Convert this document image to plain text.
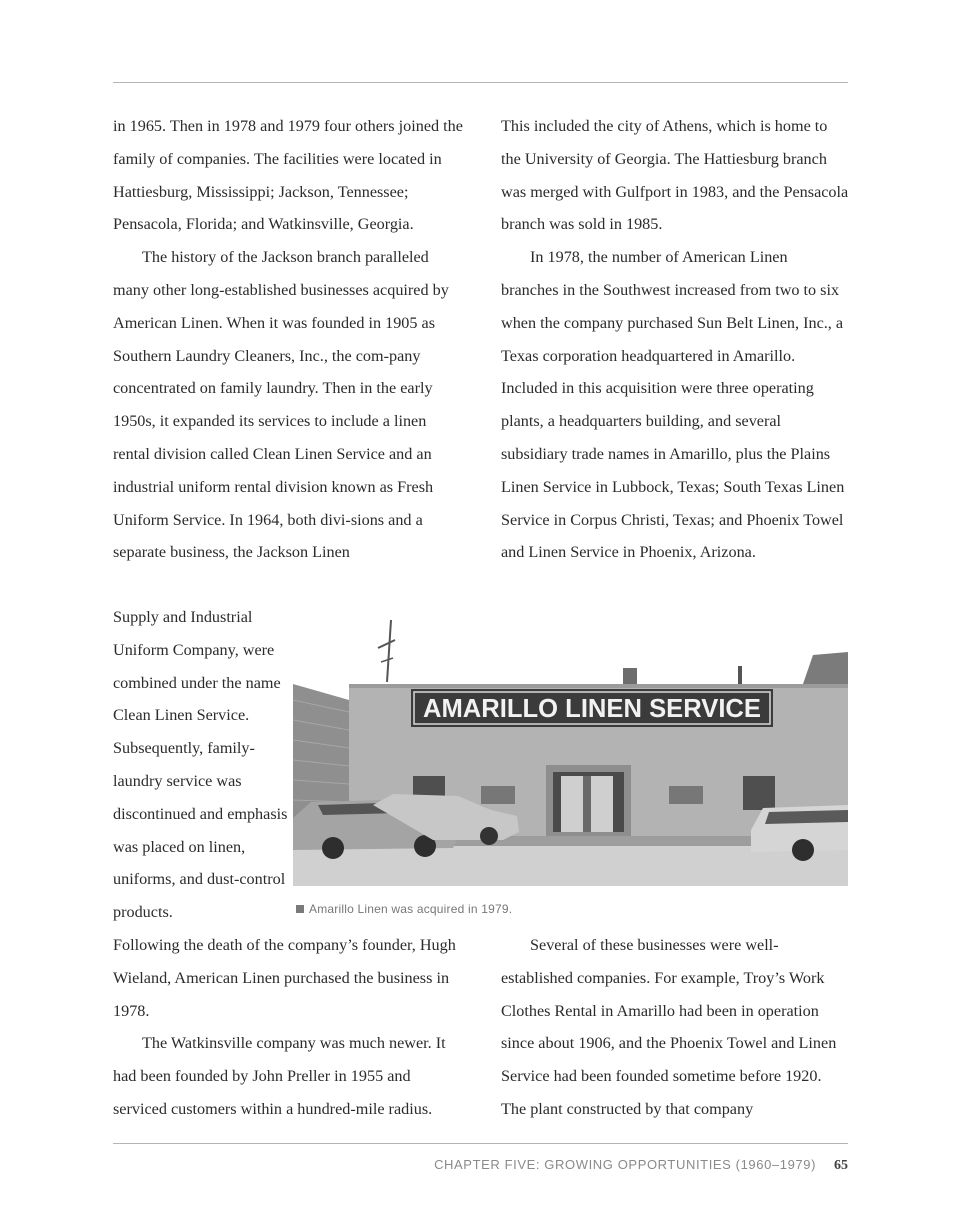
in 1965. Then in 1978 and 1979 four others joined the family of companies. The facilities were located in Hattiesburg, Mississippi; Jackson, Tennessee; Pensacola, Florida; and Watkinsville, Georgia.

The history of the Jackson branch paralleled many other long-established businesses acquired by American Linen. When it was founded in 1905 as Southern Laundry Cleaners, Inc., the com-pany concentrated on family laundry. Then in the early 1950s, it expanded its services to include a linen rental division called Clean Linen Service and an industrial uniform rental division known as Fresh Uniform Service. In 1964, both divi-sions and a separate business, the Jackson Linen

Supply and Industrial Uniform Company, were combined under the name Clean Linen Service. Subsequently, family-laundry service was discontinued and emphasis was placed on linen, uniforms, and dust-control products.

Following the death of the company’s founder, Hugh Wieland, American Linen purchased the business in 1978.

The Watkinsville company was much newer. It had been founded by John Preller in 1955 and serviced customers within a hundred-mile radius.

This included the city of Athens, which is home to the University of Georgia. The Hattiesburg branch was merged with Gulfport in 1983, and the Pensacola branch was sold in 1985.

In 1978, the number of American Linen branches in the Southwest increased from two to six when the company purchased Sun Belt Linen, Inc., a Texas corporation headquartered in Amarillo. Included in this acquisition were three operating plants, a headquarters building, and several subsidiary trade names in Amarillo, plus the Plains Linen Service in Lubbock, Texas; South Texas Linen Service in Corpus Christi, Texas; and Phoenix Towel and Linen Service in Phoenix, Arizona.

Several of these businesses were well-established companies. For example, Troy’s Work Clothes Rental in Amarillo had been in operation since about 1906, and the Phoenix Towel and Linen Service had been founded sometime before 1920. The plant constructed by that company

AMARILLO LINEN SERVICE
Amarillo Linen was acquired in 1979.
CHAPTER FIVE: GROWING OPPORTUNITIES (1960–1979) 65
